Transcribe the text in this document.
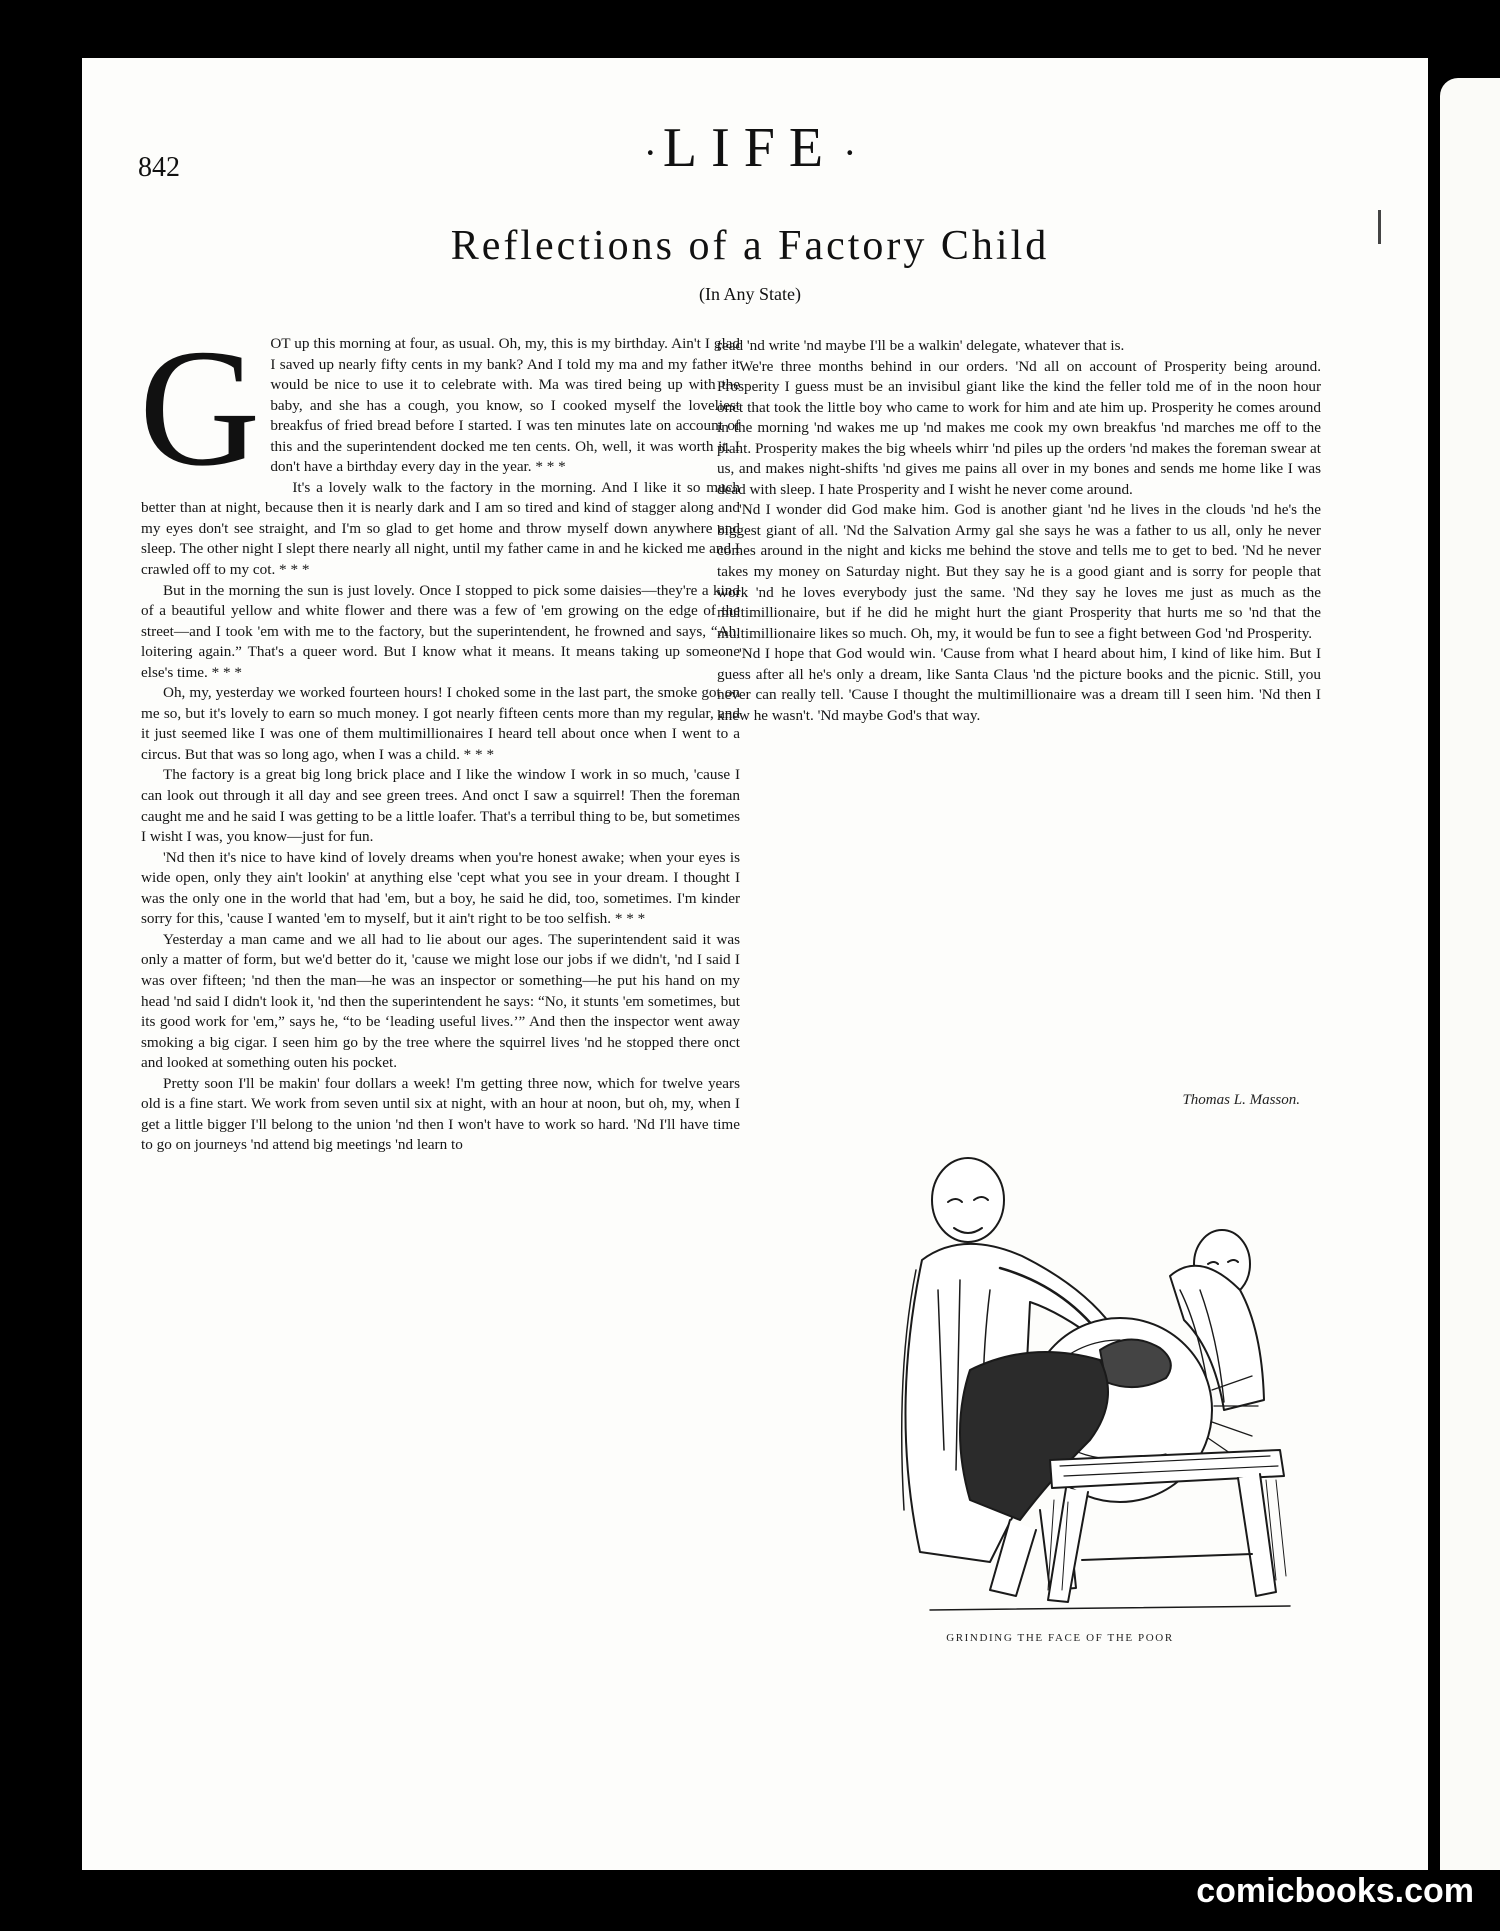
842	· LIFE ·
Reflections of a Factory Child
(In Any State)
G OT up this morning at four, as usual. Oh, my, this is my birthday. Ain't I glad I saved up nearly fifty cents in my bank? And I told my ma and my father it would be nice to use it to celebrate with. Ma was tired being up with the baby, and she has a cough, you know, so I cooked myself the loveliest breakfus of fried bread before I started. I was ten minutes late on account of this and the superintendent docked me ten cents. Oh, well, it was worth it. I don't have a birthday every day in the year. * * *

It's a lovely walk to the factory in the morning. And I like it so much better than at night, because then it is nearly dark and I am so tired and kind of stagger along and my eyes don't see straight, and I'm so glad to get home and throw myself down anywhere and sleep. The other night I slept there nearly all night, until my father came in and he kicked me and I crawled off to my cot. * * *

But in the morning the sun is just lovely. Once I stopped to pick some daisies—they're a kind of a beautiful yellow and white flower and there was a few of 'em growing on the edge of the street—and I took 'em with me to the factory, but the superintendent, he frowned and says, “Ah, loitering again.” That's a queer word. But I know what it means. It means taking up someone else's time. * * *

Oh, my, yesterday we worked fourteen hours! I choked some in the last part, the smoke got on me so, but it's lovely to earn so much money. I got nearly fifteen cents more than my regular, and it just seemed like I was one of them multimillionaires I heard tell about once when I went to a circus. But that was so long ago, when I was a child. * * *

The factory is a great big long brick place and I like the window I work in so much, 'cause I can look out through it all day and see green trees. And onct I saw a squirrel! Then the foreman caught me and he said I was getting to be a little loafer. That's a terribul thing to be, but sometimes I wisht I was, you know—just for fun.

'Nd then it's nice to have kind of lovely dreams when you're honest awake; when your eyes is wide open, only they ain't lookin' at anything else 'cept what you see in your dream. I thought I was the only one in the world that had 'em, but a boy, he said he did, too, sometimes. I'm kinder sorry for this, 'cause I wanted 'em to myself, but it ain't right to be too selfish. * * *

Yesterday a man came and we all had to lie about our ages. The superintendent said it was only a matter of form, but we'd better do it, 'cause we might lose our jobs if we didn't, 'nd I said I was over fifteen; 'nd then the man—he was an inspector or something—he put his hand on my head 'nd said I didn't look it, 'nd then the superintendent he says: “No, it stunts 'em sometimes, but its good work for 'em,” says he, “to be ‘leading useful lives.’” And then the inspector went away smoking a big cigar. I seen him go by the tree where the squirrel lives 'nd he stopped there onct and looked at something outen his pocket.

Pretty soon I'll be makin' four dollars a week! I'm getting three now, which for twelve years old is a fine start. We work from seven until six at night, with an hour at noon, but oh, my, when I get a little bigger I'll belong to the union 'nd then I won't have to work so hard. 'Nd I'll have time to go on journeys 'nd attend big meetings 'nd learn to

read 'nd write 'nd maybe I'll be a walkin' delegate, whatever that is.

We're three months behind in our orders. 'Nd all on account of Prosperity being around. Prosperity I guess must be an invisibul giant like the kind the feller told me of in the noon hour onct that took the little boy who came to work for him and ate him up. Prosperity he comes around in the morning 'nd wakes me up 'nd makes me cook my own breakfus 'nd marches me off to the plant. Prosperity makes the big wheels whirr 'nd piles up the orders 'nd makes the foreman swear at us, and makes night-shifts 'nd gives me pains all over in my bones and sends me home like I was dead with sleep. I hate Prosperity and I wisht he never come around.

'Nd I wonder did God make him. God is another giant 'nd he lives in the clouds 'nd he's the biggest giant of all. 'Nd the Salvation Army gal she says he was a father to us all, only he never comes around in the night and kicks me behind the stove and tells me to get to bed. 'Nd he never takes my money on Saturday night. But they say he is a good giant and is sorry for people that work 'nd he loves everybody just the same. 'Nd they say he loves me just as much as the multimillionaire, but if he did he might hurt the giant Prosperity that hurts me so 'nd that the multimillionaire likes so much. Oh, my, it would be fun to see a fight between God 'nd Prosperity.

'Nd I hope that God would win. 'Cause from what I heard about him, I kind of like him. But I guess after all he's only a dream, like Santa Claus 'nd the picture books and the picnic. Still, you never can really tell. 'Cause I thought the multimillionaire was a dream till I seen him. 'Nd then I knew he wasn't. 'Nd maybe God's that way.

Thomas L. Masson.
GRINDING THE FACE OF THE POOR
comicbooks.com
